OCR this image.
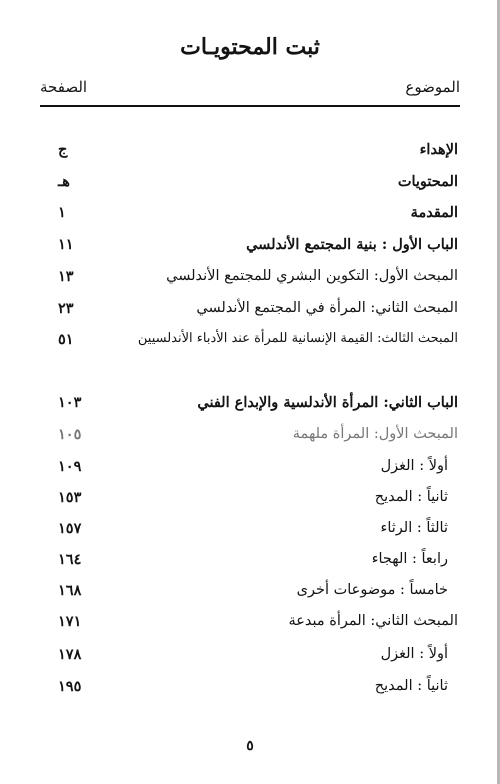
ثبت المحتويـات
الموضوع
الصفحة
الإهداء
ج
المحتويات
هـ
المقدمة
١
الباب الأول : بنية المجتمع الأندلسي
١١
المبحث الأول: التكوين البشري للمجتمع الأندلسي
١٣
المبحث الثاني: المرأة في المجتمع الأندلسي
٢٣
المبحث الثالث: القيمة الإنسانية للمرأة عند الأدباء الأندلسيين
٥١
الباب الثاني: المرأة الأندلسية والإبداع الفني
١٠٣
المبحث الأول: المرأة ملهمة
١٠٥
أولاً : الغزل
١٠٩
ثانياً : المديح
١٥٣
ثالثاً : الرثاء
١٥٧
رابعاً : الهجاء
١٦٤
خامساً : موضوعات أخرى
١٦٨
المبحث الثاني: المرأة مبدعة
١٧١
أولاً : الغزل
١٧٨
ثانياً : المديح
١٩٥
٥
